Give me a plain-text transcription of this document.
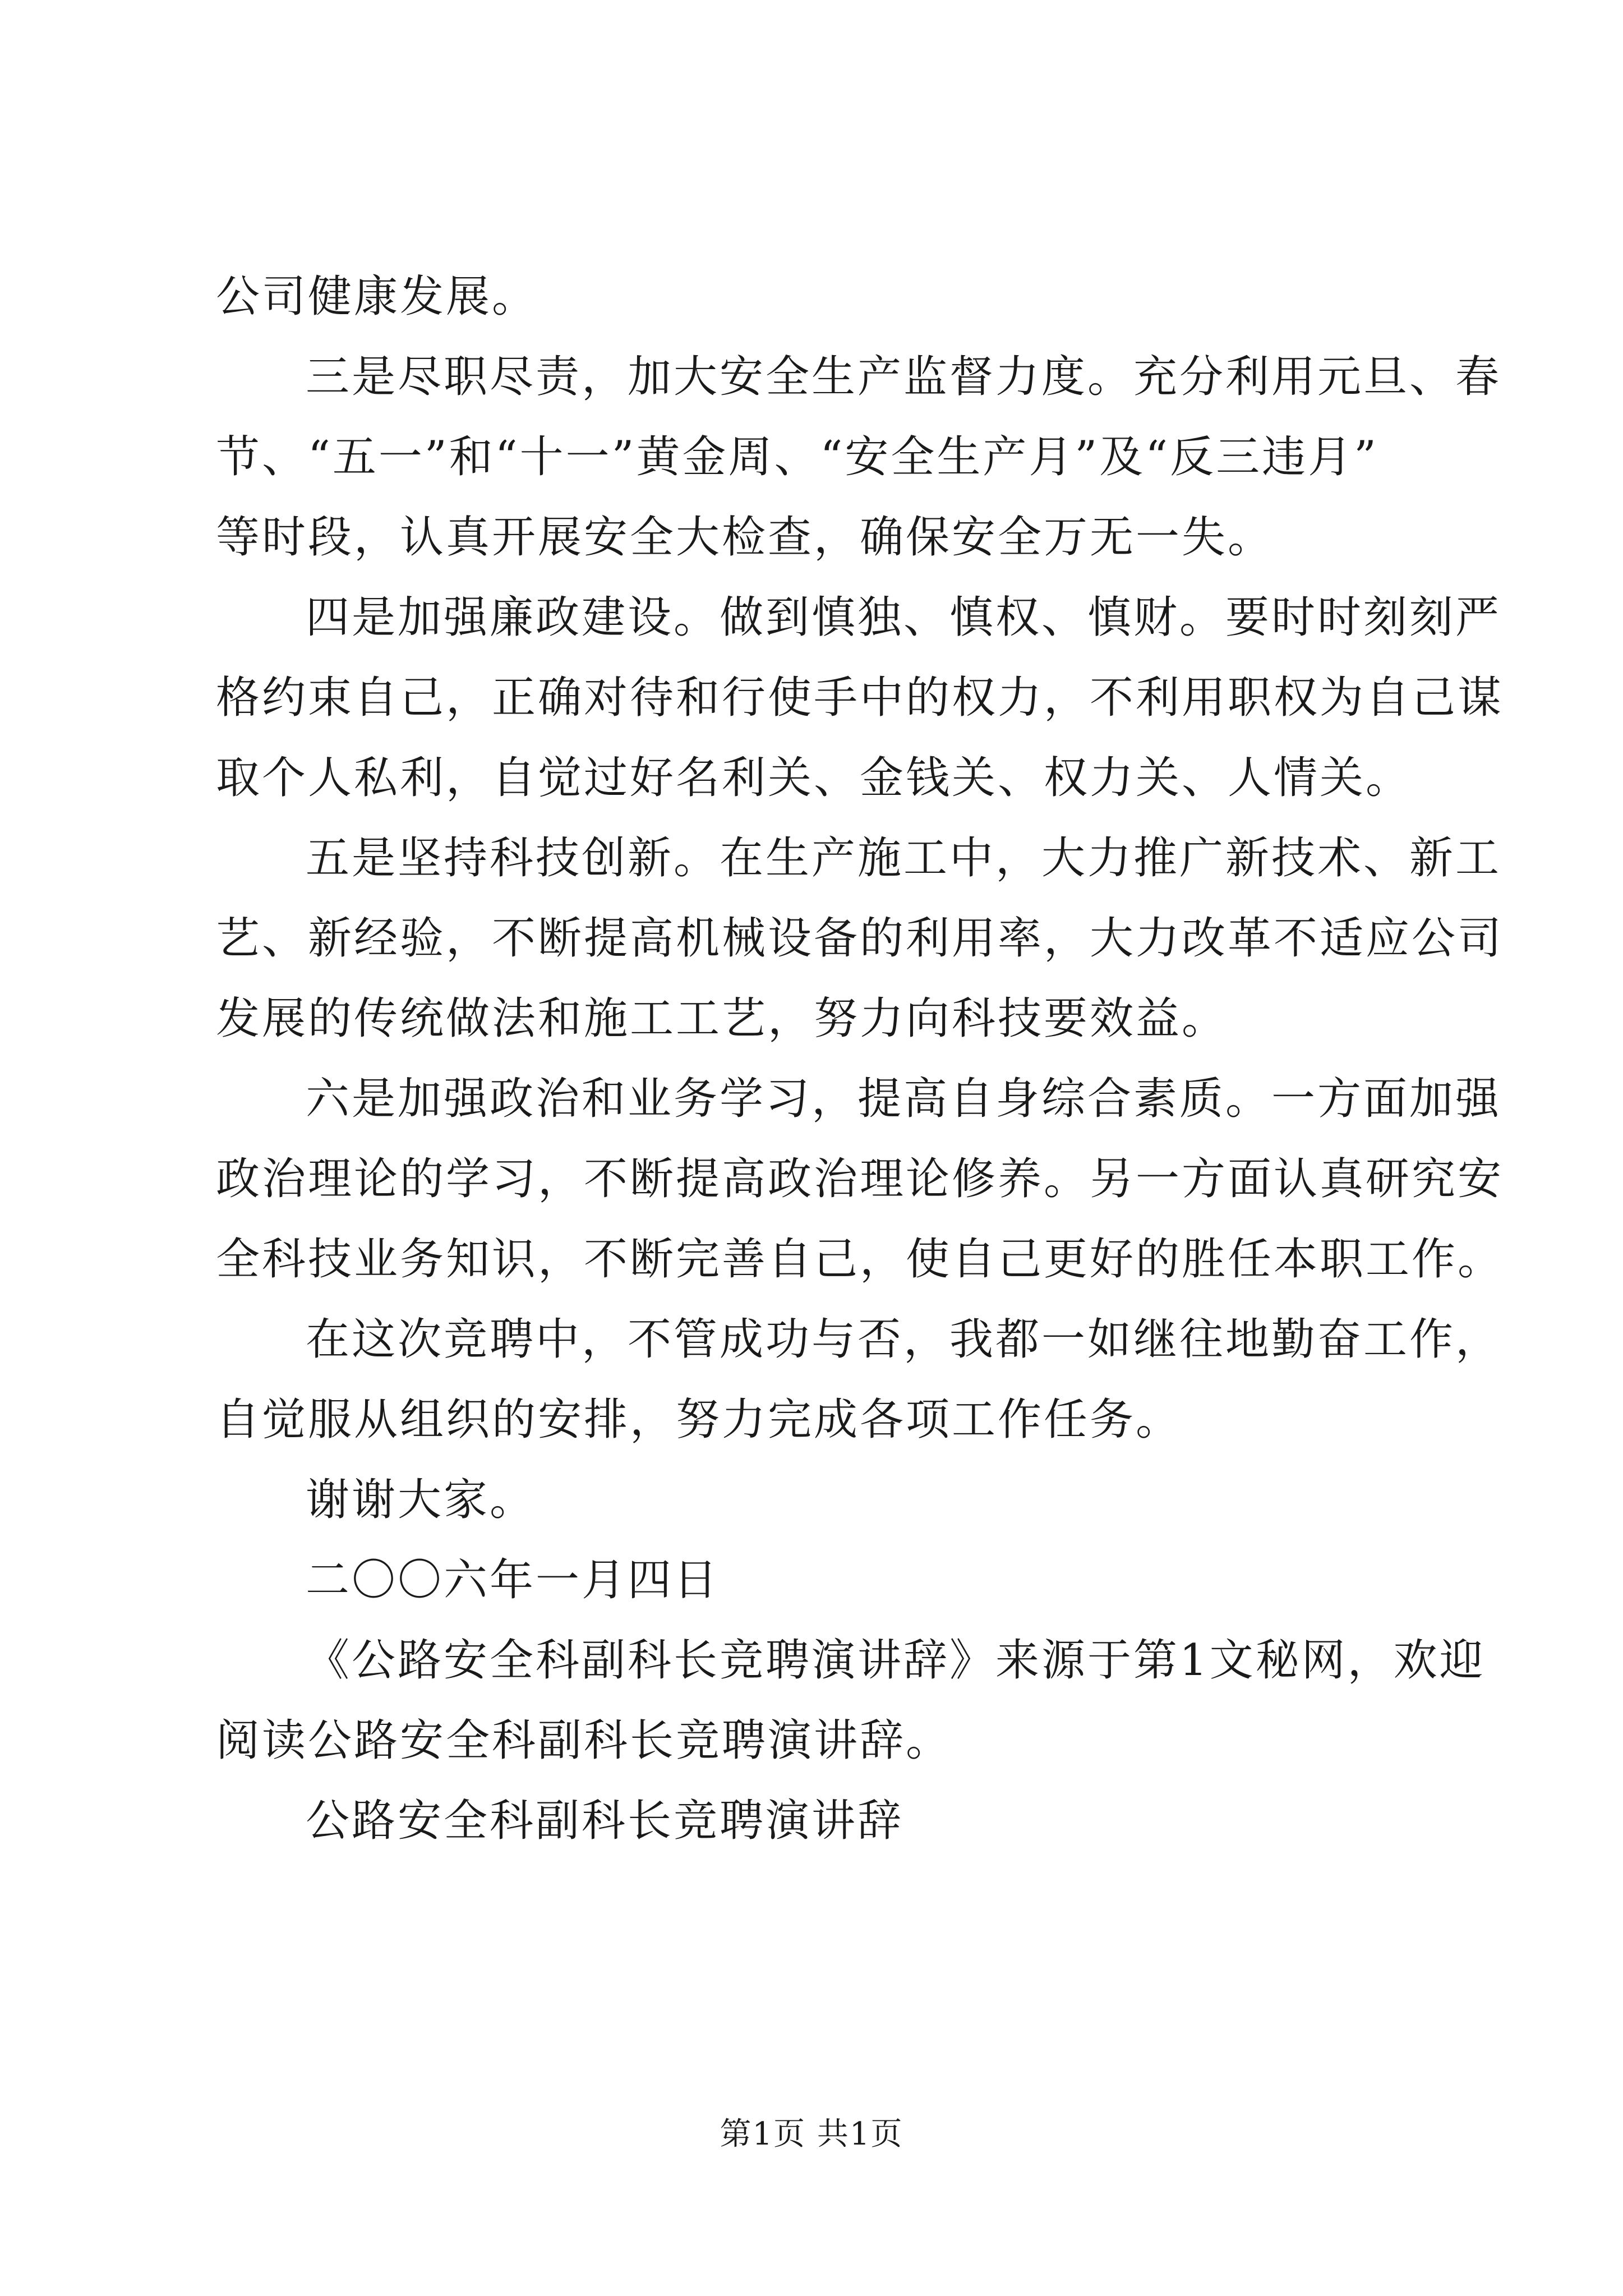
公司健康发展。
三是尽职尽责，加大安全生产监督力度。充分利用元旦、春
节、“五一”和“十一”黄金周、“安全生产月”及“反三违月”
等时段，认真开展安全大检查，确保安全万无一失。
四是加强廉政建设。做到慎独、慎权、慎财。要时时刻刻严
格约束自己，正确对待和行使手中的权力，不利用职权为自己谋
取个人私利，自觉过好名利关、金钱关、权力关、人情关。
五是坚持科技创新。在生产施工中，大力推广新技术、新工
艺、新经验，不断提高机械设备的利用率，大力改革不适应公司
发展的传统做法和施工工艺，努力向科技要效益。
六是加强政治和业务学习，提高自身综合素质。一方面加强
政治理论的学习，不断提高政治理论修养。另一方面认真研究安
全科技业务知识，不断完善自己，使自己更好的胜任本职工作。
在这次竞聘中，不管成功与否，我都一如继往地勤奋工作，
自觉服从组织的安排，努力完成各项工作任务。
谢谢大家。
二〇〇六年一月四日
《公路安全科副科长竞聘演讲辞》来源于第1文秘网，欢迎
阅读公路安全科副科长竞聘演讲辞。
公路安全科副科长竞聘演讲辞
第1页 共1页
